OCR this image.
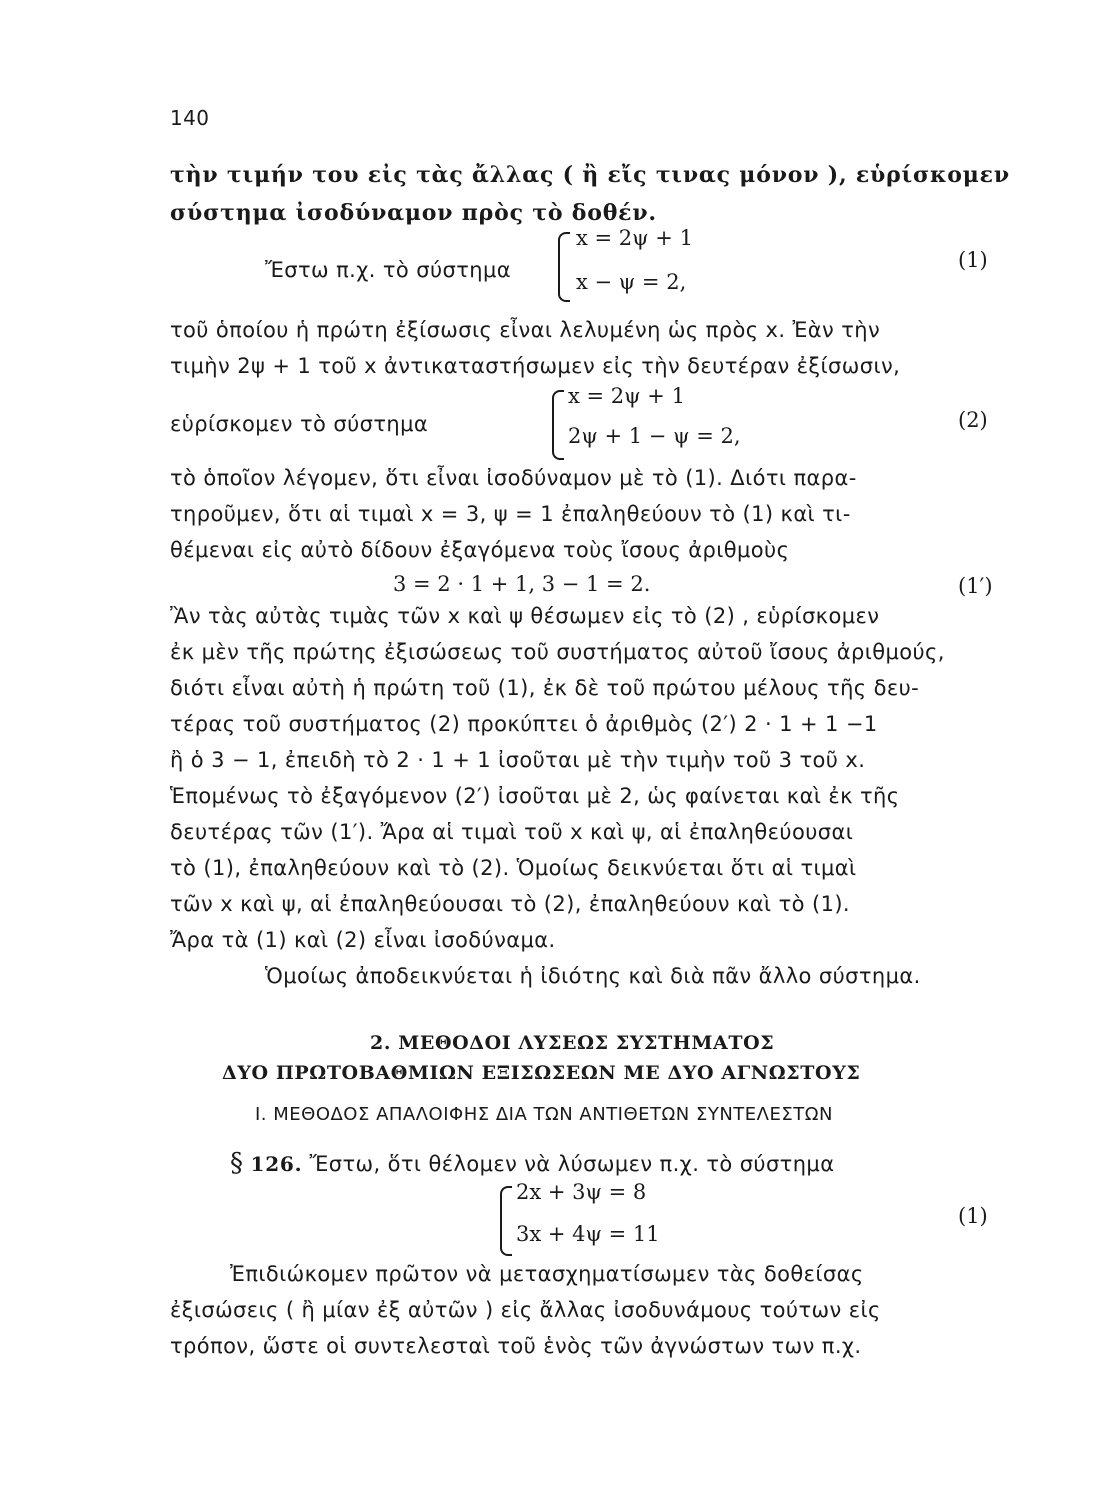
140
τὴν τιμήν του εἰς τὰς ἄλλας ( ἢ εἴς τινας μόνον ), εὑρίσκομεν
σύστημα ἰσοδύναμον πρὸς τὸ δοθέν.
Ἔστω π.χ. τὸ σύστημα
x = 2ψ + 1
x − ψ = 2,
(1)
τοῦ ὁποίου ἡ πρώτη ἐξίσωσις εἶναι λελυμένη ὡς πρὸς x. Ἐὰν τὴν
τιμὴν 2ψ + 1 τοῦ x ἀντικαταστήσωμεν εἰς τὴν δευτέραν ἐξίσωσιν,
εὑρίσκομεν τὸ σύστημα
x = 2ψ + 1
2ψ + 1 − ψ = 2,
(2)
τὸ ὁποῖον λέγομεν, ὅτι εἶναι ἰσοδύναμον μὲ τὸ (1). Διότι παρα-
τηροῦμεν, ὅτι αἱ τιμαὶ x = 3, ψ = 1 ἐπαληθεύουν τὸ (1) καὶ τι-
θέμεναι εἰς αὐτὸ δίδουν ἐξαγόμενα τοὺς ἴσους ἀριθμοὺς
3 = 2 · 1 + 1, 3 − 1 = 2.	(1′)
Ἂν τὰς αὐτὰς τιμὰς τῶν x καὶ ψ θέσωμεν εἰς τὸ (2) , εὑρίσκομεν
ἐκ μὲν τῆς πρώτης ἐξισώσεως τοῦ συστήματος αὐτοῦ ἴσους ἀριθμούς,
διότι εἶναι αὐτὴ ἡ πρώτη τοῦ (1), ἐκ δὲ τοῦ πρώτου μέλους τῆς δευ-
τέρας τοῦ συστήματος (2) προκύπτει ὁ ἀριθμὸς (2′) 2 · 1 + 1 −1
ἢ ὁ 3 − 1, ἐπειδὴ τὸ 2 · 1 + 1 ἰσοῦται μὲ τὴν τιμὴν τοῦ 3 τοῦ x.
Ἑπομένως τὸ ἐξαγόμενον (2′) ἰσοῦται μὲ 2, ὡς φαίνεται καὶ ἐκ τῆς
δευτέρας τῶν (1′). Ἄρα αἱ τιμαὶ τοῦ x καὶ ψ, αἱ ἐπαληθεύουσαι
τὸ (1), ἐπαληθεύουν καὶ τὸ (2). Ὁμοίως δεικνύεται ὅτι αἱ τιμαὶ
τῶν x καὶ ψ, αἱ ἐπαληθεύουσαι τὸ (2), ἐπαληθεύουν καὶ τὸ (1).
Ἄρα τὰ (1) καὶ (2) εἶναι ἰσοδύναμα.
Ὁμοίως ἀποδεικνύεται ἡ ἰδιότης καὶ διὰ πᾶν ἄλλο σύστημα.
2. ΜΕΘΟΔΟΙ ΛΥΣΕΩΣ ΣΥΣΤΗΜΑΤΟΣ
ΔΥΟ ΠΡΩΤΟΒΑΘΜΙΩΝ ΕΞΙΣΩΣΕΩΝ ΜΕ ΔΥΟ ΑΓΝΩΣΤΟΥΣ
I. ΜΕΘΟΔΟΣ ΑΠΑΛΟΙΦΗΣ ΔΙΑ ΤΩΝ ΑΝΤΙΘΕΤΩΝ ΣΥΝΤΕΛΕΣΤΩΝ
§ 126. Ἔστω, ὅτι θέλομεν νὰ λύσωμεν π.χ. τὸ σύστημα
2x + 3ψ = 8
3x + 4ψ = 11
(1)
Ἐπιδιώκομεν πρῶτον νὰ μετασχηματίσωμεν τὰς δοθείσας
ἐξισώσεις ( ἢ μίαν ἐξ αὐτῶν ) εἰς ἄλλας ἰσοδυνάμους τούτων εἰς
τρόπον, ὥστε οἱ συντελεσταὶ τοῦ ἑνὸς τῶν ἀγνώστων των π.χ.
